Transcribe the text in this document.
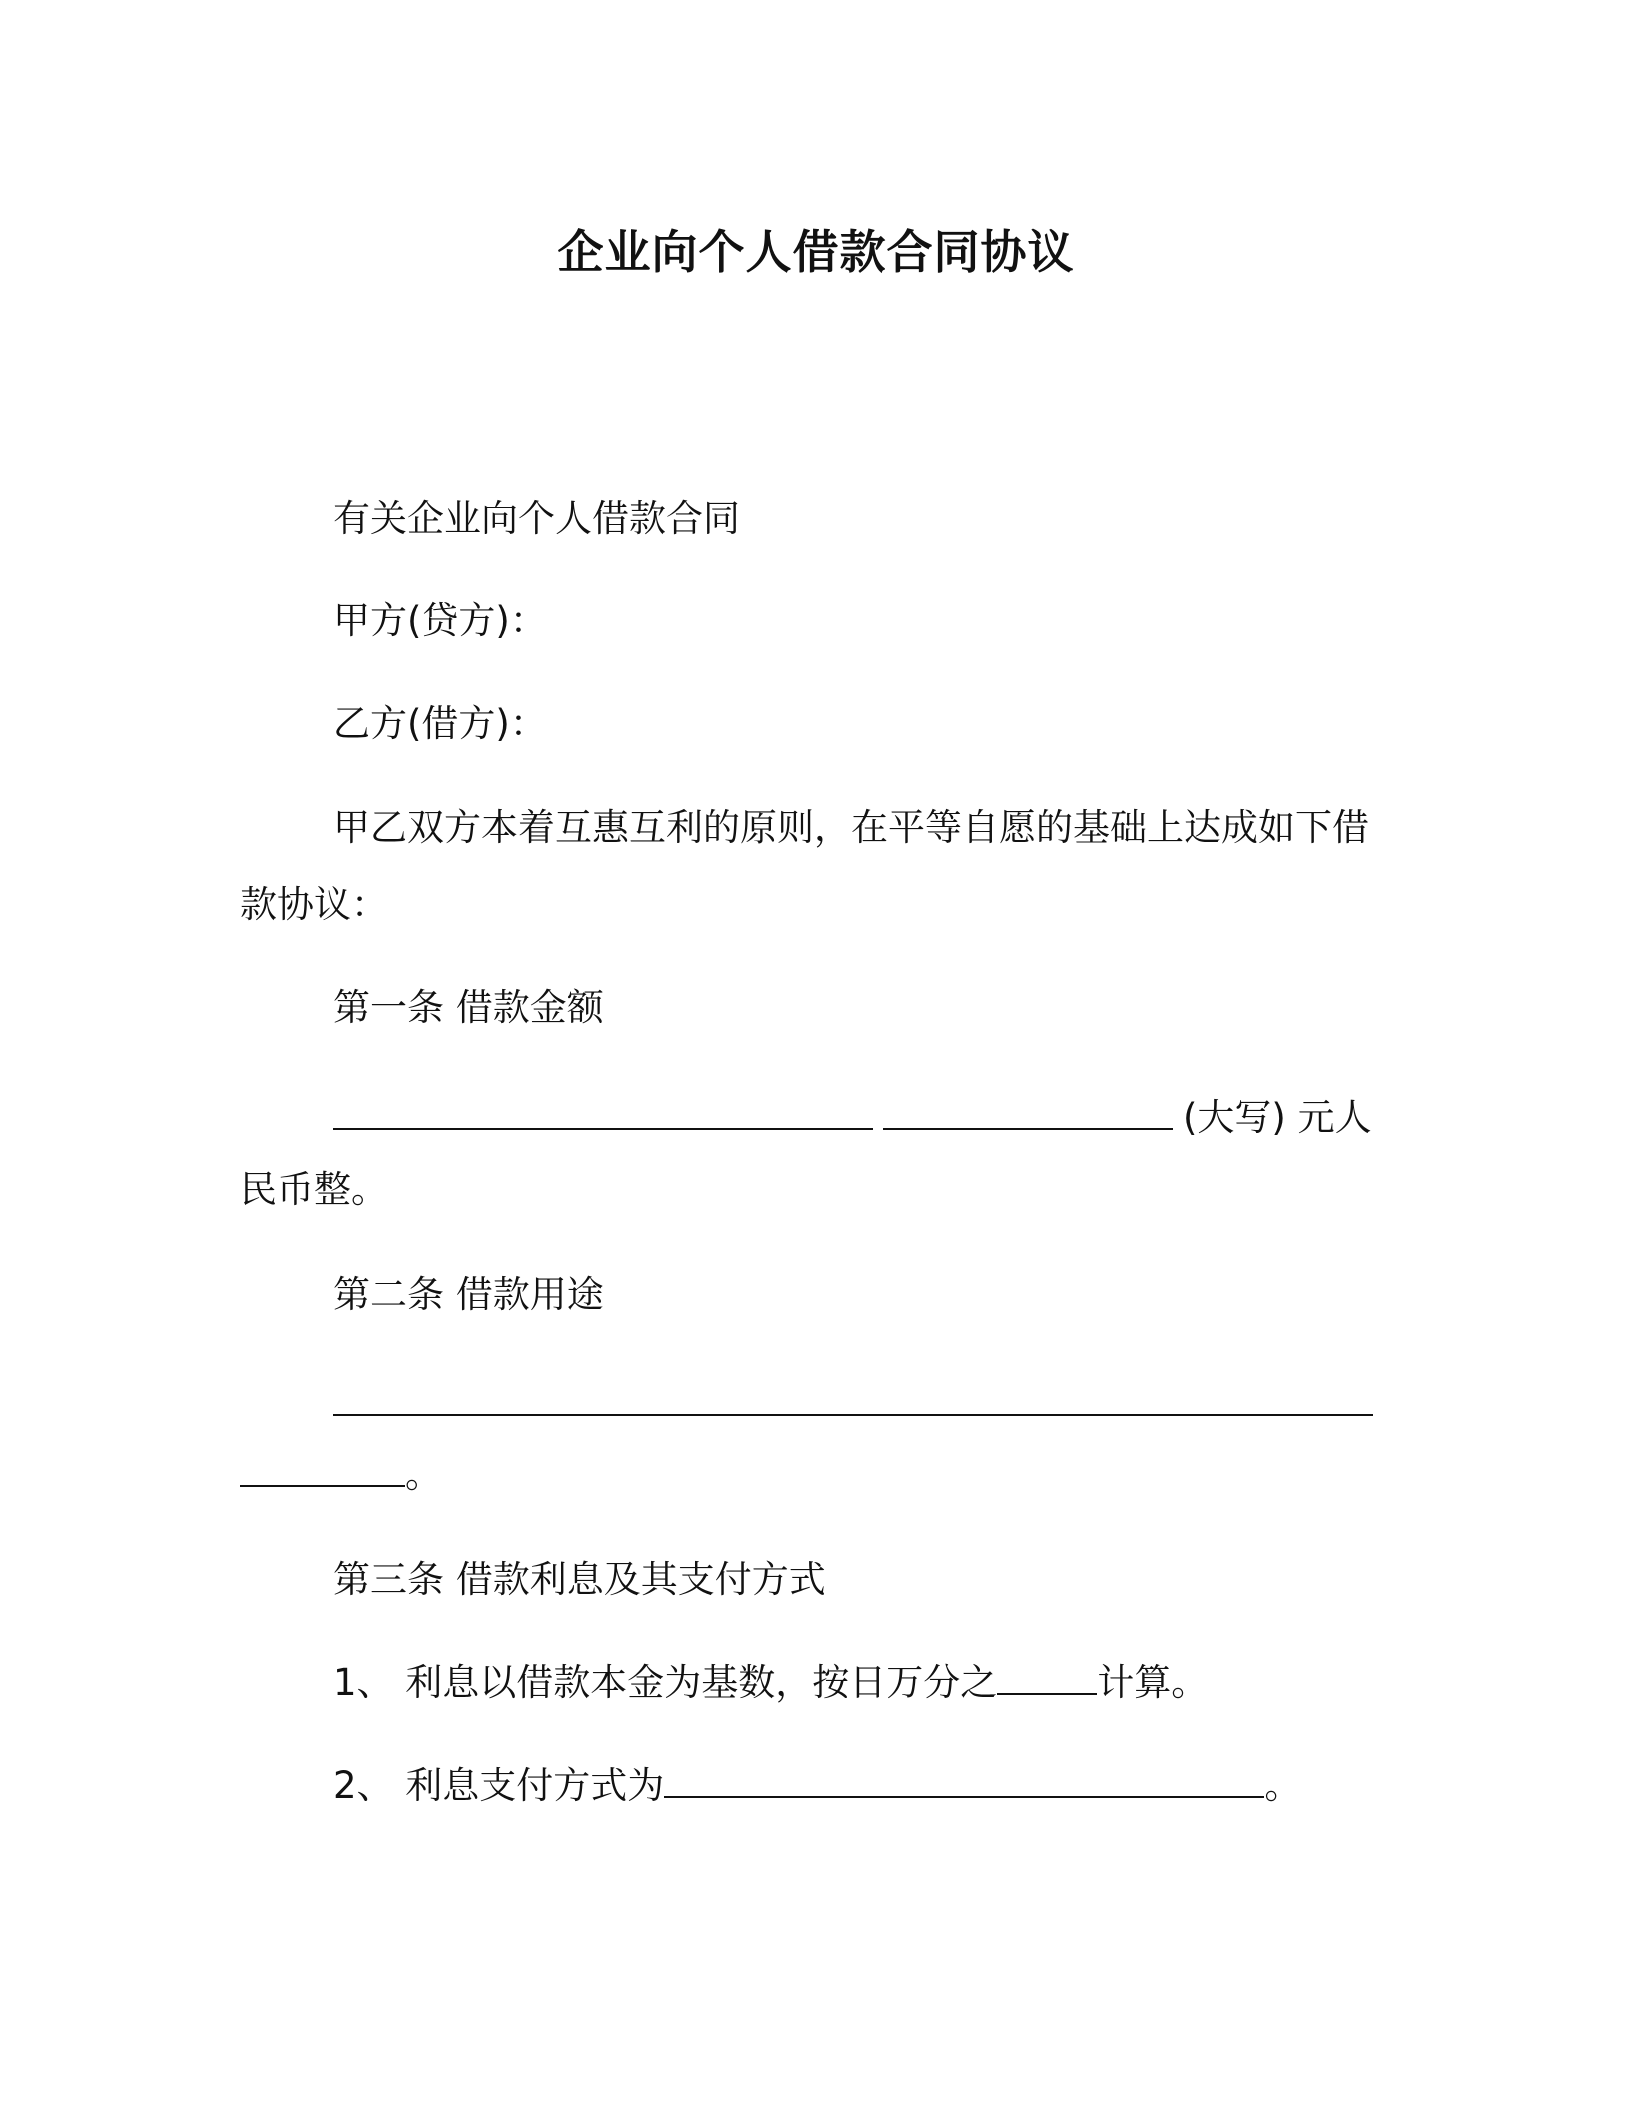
企业向个人借款合同协议
有关企业向个人借款合同
甲方(贷方)：
乙方(借方)：
甲乙双方本着互惠互利的原则，在平等自愿的基础上达成如下借
款协议：
第一条 借款金额
(大写) 元人
民币整。
第二条 借款用途
。
第三条 借款利息及其支付方式
1、 利息以借款本金为基数，按日万分之	计算。
2、 利息支付方式为	。
